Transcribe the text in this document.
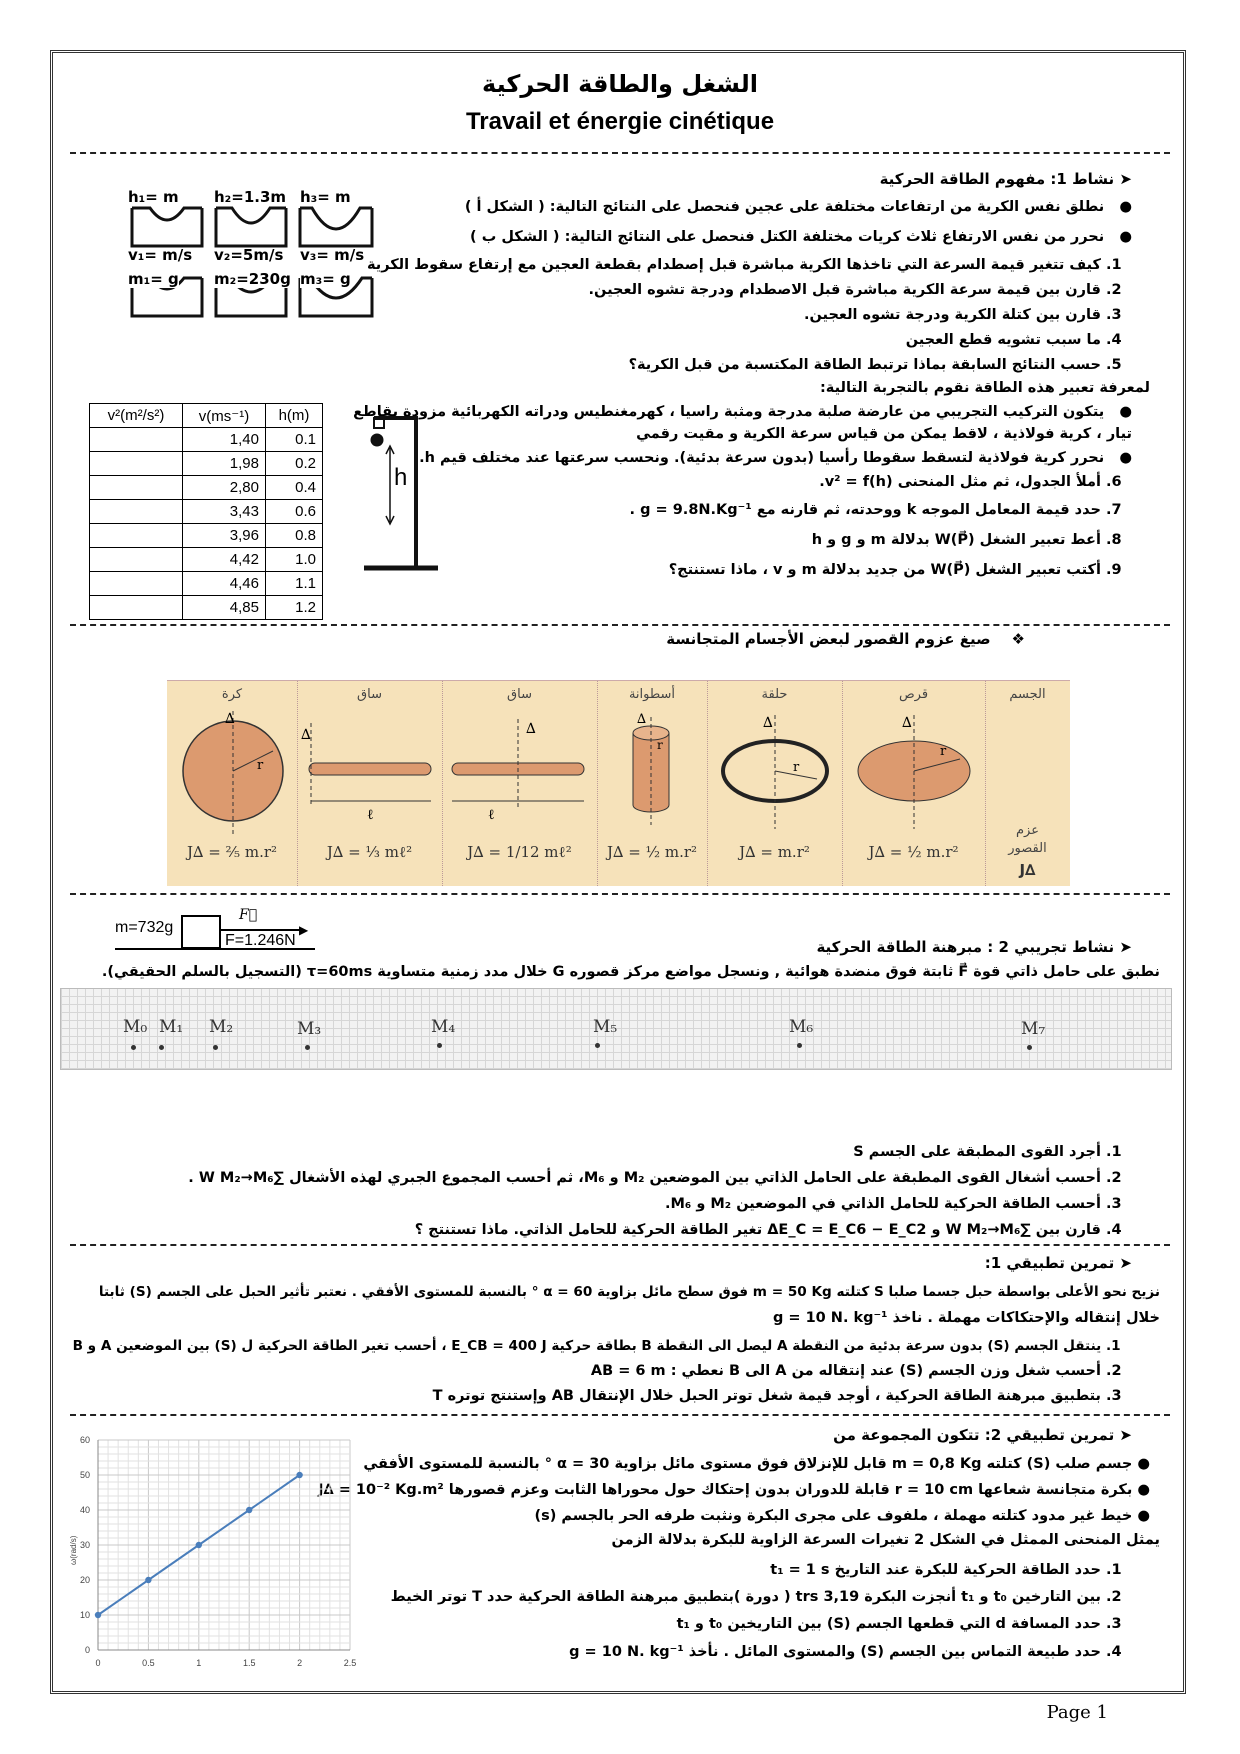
الشغل والطاقة الحركية
Travail et énergie cinétique
➤ نشاط 1: مفهوم الطاقة الحركية
●   نطلق نفس الكرية من ارتفاعات مختلفة على عجين فنحصل على النتائج التالية: ( الشكل أ )
●   نحرر من نفس الارتفاع ثلاث كريات مختلفة الكتل فنحصل على النتائج التالية: ( الشكل ب )
1. كيف تتغير قيمة السرعة التي تاخذها الكرية مباشرة قبل إصطدام بقطعة العجين مع إرتفاع سقوط الكرية
2. قارن بين قيمة سرعة الكرية مباشرة قبل الاصطدام ودرجة تشوه العجين.
3. قارن بين كتلة الكرية ودرجة تشوه العجين.
4. ما سبب تشويه قطع العجين
5. حسب النتائج السابقة بماذا ترتبط الطاقة المكتسبة من قبل الكرية؟
لمعرفة تعبير هذه الطاقة نقوم بالتجربة التالية:
●   يتكون التركيب التجريبي من عارضة صلبة مدرجة ومثبة راسيا ، كهرمغنطيس ودراته الكهربائية مزودة بقاطع
تيار ، كرية فولاذية ، لاقط يمكن من قياس سرعة الكرية و مقيت رقمي
●   نحرر كرية فولاذية لتسقط سقوطا رأسيا (بدون سرعة بدئية). ونحسب سرعتها عند مختلف قيم h.
6. أملأ الجدول، ثم مثل المنحنى v² = f(h).
7. حدد قيمة المعامل الموجه k ووحدته، ثم قارنه مع g = 9.8N.Kg⁻¹ .
8. أعط تعبير الشغل W(P⃗) بدلالة m و g و h
9. أكتب تعبير الشغل W(P⃗) من جديد بدلالة m و v ، ماذا تستنتج؟
h₁= m h₂=1.3m h₃= m
v₁= m/s v₂=5m/s v₃= m/s
m₁= g m₂=230g m₃= g
v²(m²/s²)	v(ms⁻¹)	h(m)
	1,40	0.1
	1,98	0.2
	2,80	0.4
	3,43	0.6
	3,96	0.8
	4,42	1.0
	4,46	1.1
	4,85	1.2
h
❖    صيغ عزوم القصور لبعض الأجسام المتجانسة
كرة
∆
r
J∆ = ⅖ m.r²
ساق
∆
ℓ
J∆ = ⅓ mℓ²
ساق
∆
ℓ
J∆ = 1/12 mℓ²
أسطوانة
∆
r
J∆ = ½ m.r²
حلقة
∆
r
J∆ = m.r²
قرص
∆
r
J∆ = ½ m.r²
الجسم
عزم
القصور
J∆
m=732g	▶
F⃗
F=1.246N	➤ نشاط تجريبي 2 : مبرهنة الطاقة الحركية
نطبق على حامل ذاتي قوة F⃗ ثابتة فوق منضدة هوائية , ونسجل مواضع مركز قصوره G خلال مدد زمنية متساوية τ=60ms (التسجيل بالسلم الحقيقي).
M₀ M₁ M₂	M₃	M₄	M₅	M₆	M₇
1. أجرد القوى المطبقة على الجسم S
2. أحسب أشغال القوى المطبقة على الحامل الذاتي بين الموضعين M₂ و M₆، ثم أحسب المجموع الجبري لهذه الأشغال ∑W M₂→M₆ .
3. أحسب الطاقة الحركية للحامل الذاتي في الموضعين M₂ و M₆.
4. قارن بين ∑W M₂→M₆ و ΔE_C = E_C6 − E_C2 تغير الطاقة الحركية للحامل الذاتي. ماذا تستنتج ؟
➤ تمرين تطبيقي 1:
نزيح نحو الأعلى بواسطة حبل جسما صلبا S كتلته m = 50 Kg فوق سطح مائل بزاوية α = 60 ° بالنسبة للمستوى الأفقي . نعتبر تأثير الحبل على الجسم (S) ثابتا
خلال إنتقاله والإحتكاكات مهملة . ناخذ g = 10 N. kg⁻¹
1. ينتقل الجسم (S) بدون سرعة بدئية من النقطة A ليصل الى النقطة B بطاقة حركية E_CB = 400 J ، أحسب تغير الطاقة الحركية ل (S) بين الموضعين A و B
2. أحسب شغل وزن الجسم (S) عند إنتقاله من A الى B نعطي : AB = 6 m
3. بتطبيق مبرهنة الطاقة الحركية ، أوجد قيمة شغل توتر الحبل خلال الإنتقال AB وإستنتج توتره T
➤ تمرين تطبيقي 2: تتكون المجموعة من
● جسم صلب (S) كتلته m = 0,8 Kg قابل للإنزلاق فوق مستوى مائل بزاوية α = 30 ° بالنسبة للمستوى الأفقي
● بكرة متجانسة شعاعها r = 10 cm قابلة للدوران بدون إحتكاك حول محوراها الثابت وعزم قصورها J∆ = 10⁻² Kg.m²
● خيط غير مدود كتلته مهملة ، ملفوف على مجرى البكرة ونثبت طرفه الحر بالجسم (s)
يمثل المنحنى الممثل في الشكل 2 تغيرات السرعة الزاوية للبكرة بدلالة الزمن
1. حدد الطاقة الحركية للبكرة عند التاريخ t₁ = 1 s
2. بين التارخين t₀ و t₁ أنجزت البكرة 3,19 trs ( دورة )بتطبيق مبرهنة الطاقة الحركية حدد T توتر الخيط
3. حدد المسافة d التي قطعها الجسم (S) بين التاريخين t₀ و t₁
4. حدد طبيعة التماس بين الجسم (S) والمستوى المائل . نأخذ g = 10 N. kg⁻¹
0	0.5	1	1.5	2	2.5
0
10
20
30
40
50
60
ω(rad/s)
Page 1
